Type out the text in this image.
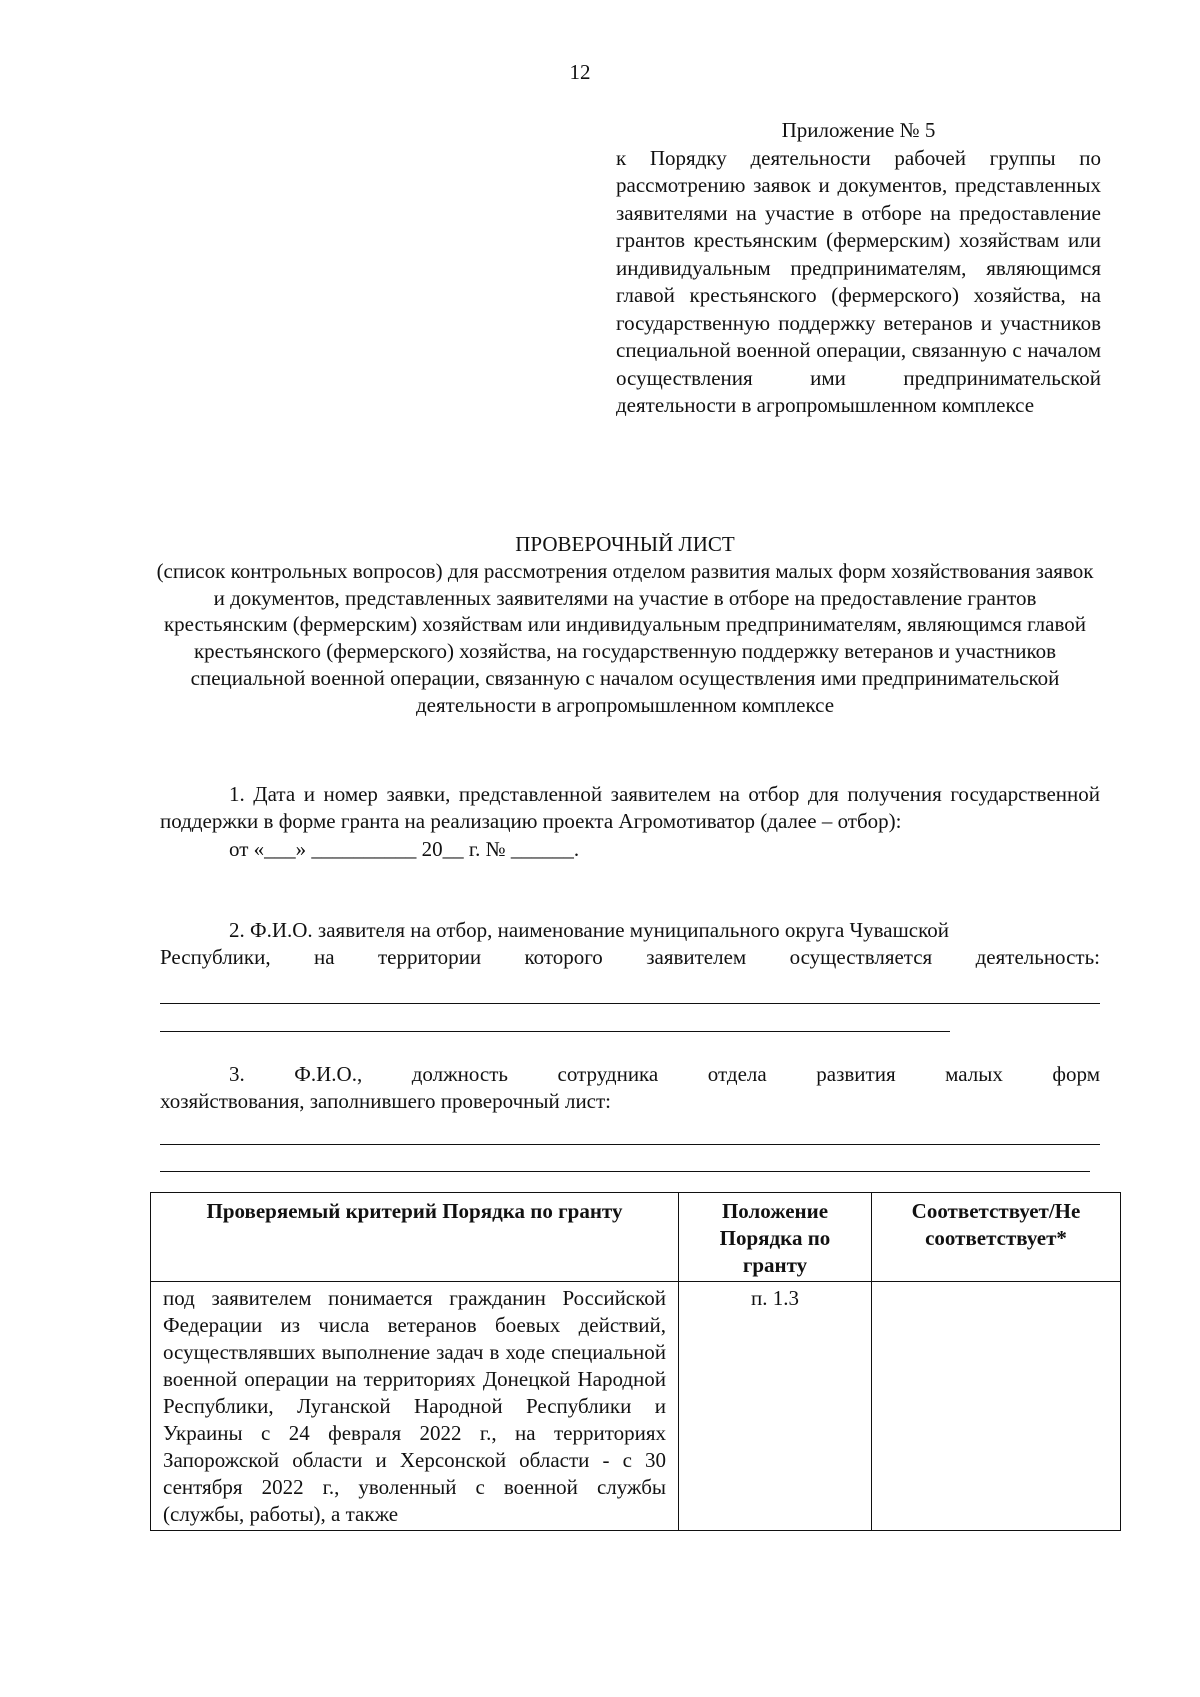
12
Приложение № 5
к Порядку деятельности рабочей группы по рассмотрению заявок и документов, представленных заявителями на участие в отборе на предоставление грантов крестьянским (фермерским) хозяйствам или индивидуальным предпринимателям, являющимся главой крестьянского (фермерского) хозяйства, на государственную поддержку ветеранов и участников специальной военной операции, связанную с началом осуществления ими предпринимательской деятельности в агропромышленном комплексе
ПРОВЕРОЧНЫЙ ЛИСТ
(список контрольных вопросов) для рассмотрения отделом развития малых форм хозяйствования заявок и документов, представленных заявителями на участие в отборе на предоставление грантов крестьянским (фермерским) хозяйствам или индивидуальным предпринимателям, являющимся главой крестьянского (фермерского) хозяйства, на государственную поддержку ветеранов и участников специальной военной операции, связанную с началом осуществления ими предпринимательской деятельности в агропромышленном комплексе
1. Дата и номер заявки, представленной заявителем на отбор для получения государственной поддержки в форме гранта на реализацию проекта Агромотиватор (далее – отбор):
от «___» __________ 20__ г. № ______.
2. Ф.И.О. заявителя на отбор, наименование муниципального округа Чувашской
Республики, на территории которого заявителем осуществляется деятельность:
3. Ф.И.О., должность сотрудника отдела развития малых форм
хозяйствования, заполнившего проверочный лист:
Проверяемый критерий Порядка по гранту	Положение Порядка по гранту	Соответствует/Не соответствует*
под заявителем понимается гражданин Российской Федерации из числа ветеранов боевых действий, осуществлявших выполнение задач в ходе специальной военной операции на территориях Донецкой Народной Республики, Луганской Народной Республики и Украины с 24 февраля 2022 г., на территориях Запорожской области и Херсонской области - с 30 сентября 2022 г., уволенный с военной службы (службы, работы), а также	п. 1.3	
